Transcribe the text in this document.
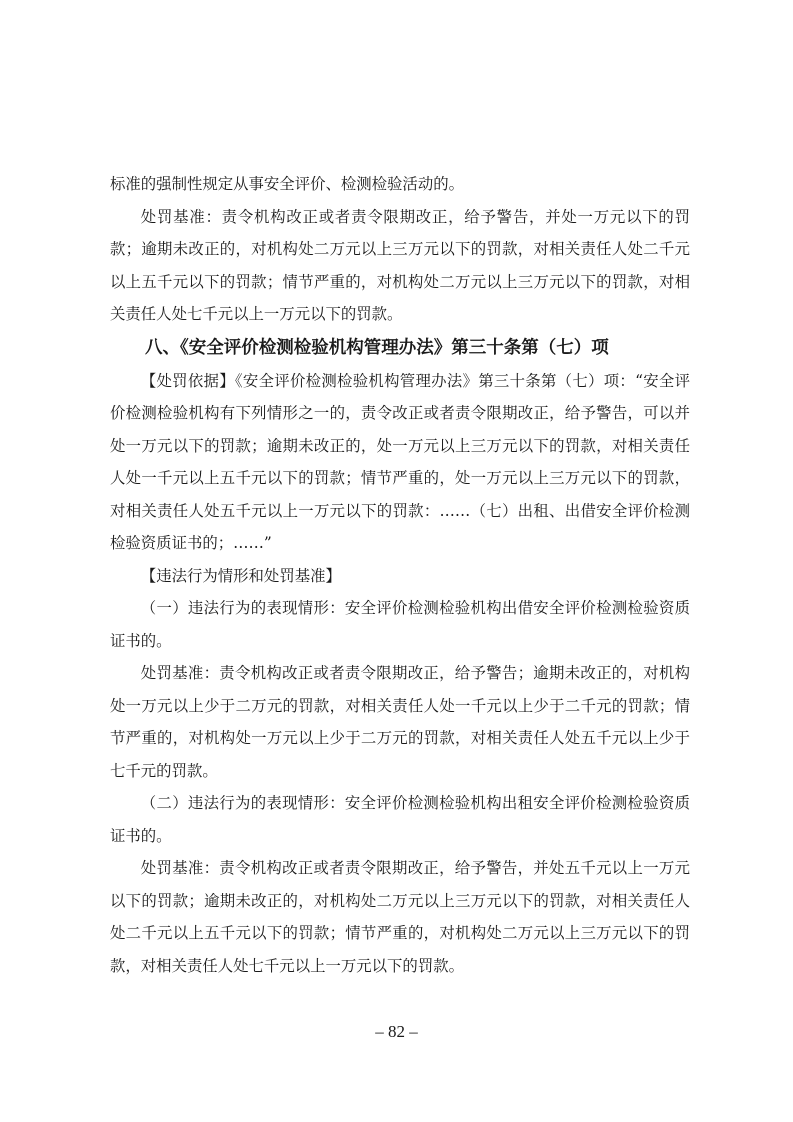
标准的强制性规定从事安全评价、检测检验活动的。

处罚基准：责令机构改正或者责令限期改正，给予警告，并处一万元以下的罚款；逾期未改正的，对机构处二万元以上三万元以下的罚款，对相关责任人处二千元以上五千元以下的罚款；情节严重的，对机构处二万元以上三万元以下的罚款，对相关责任人处七千元以上一万元以下的罚款。

八、《安全评价检测检验机构管理办法》第三十条第（七）项

【处罚依据】《安全评价检测检验机构管理办法》第三十条第（七）项：“安全评价检测检验机构有下列情形之一的，责令改正或者责令限期改正，给予警告，可以并处一万元以下的罚款；逾期未改正的，处一万元以上三万元以下的罚款，对相关责任人处一千元以上五千元以下的罚款；情节严重的，处一万元以上三万元以下的罚款，对相关责任人处五千元以上一万元以下的罚款：……（七）出租、出借安全评价检测检验资质证书的；……”

【违法行为情形和处罚基准】

（一）违法行为的表现情形：安全评价检测检验机构出借安全评价检测检验资质证书的。

处罚基准：责令机构改正或者责令限期改正，给予警告；逾期未改正的，对机构处一万元以上少于二万元的罚款，对相关责任人处一千元以上少于二千元的罚款；情节严重的，对机构处一万元以上少于二万元的罚款，对相关责任人处五千元以上少于七千元的罚款。

（二）违法行为的表现情形：安全评价检测检验机构出租安全评价检测检验资质证书的。

处罚基准：责令机构改正或者责令限期改正，给予警告，并处五千元以上一万元以下的罚款；逾期未改正的，对机构处二万元以上三万元以下的罚款，对相关责任人处二千元以上五千元以下的罚款；情节严重的，对机构处二万元以上三万元以下的罚款，对相关责任人处七千元以上一万元以下的罚款。

– 82 –
